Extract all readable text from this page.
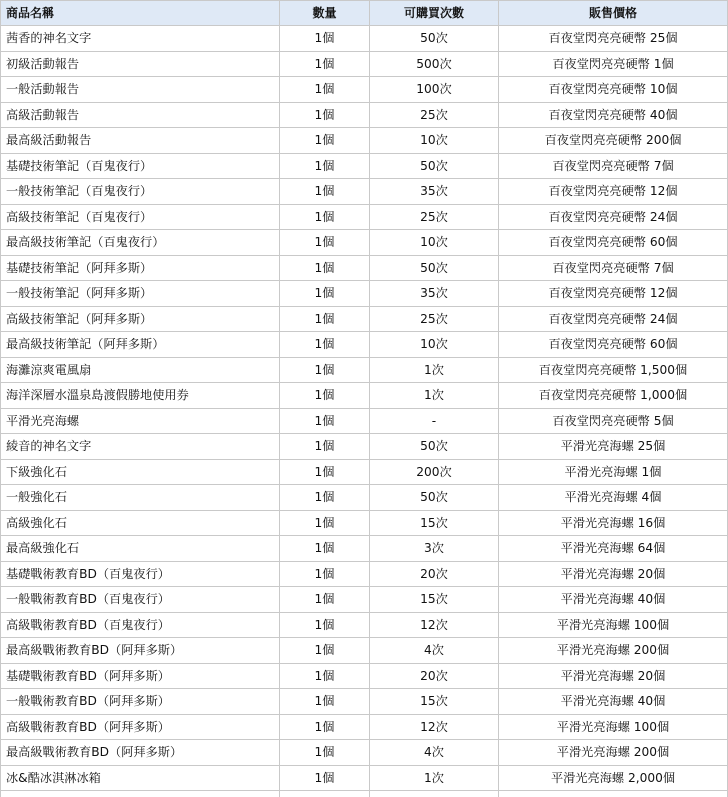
商品名稱	數量	可購買次數	販售價格
茜香的神名文字	1個	50次	百夜堂閃亮亮硬幣 25個
初級活動報告	1個	500次	百夜堂閃亮亮硬幣 1個
一般活動報告	1個	100次	百夜堂閃亮亮硬幣 10個
高級活動報告	1個	25次	百夜堂閃亮亮硬幣 40個
最高級活動報告	1個	10次	百夜堂閃亮亮硬幣 200個
基礎技術筆記（百鬼夜行）	1個	50次	百夜堂閃亮亮硬幣 7個
一般技術筆記（百鬼夜行）	1個	35次	百夜堂閃亮亮硬幣 12個
高級技術筆記（百鬼夜行）	1個	25次	百夜堂閃亮亮硬幣 24個
最高級技術筆記（百鬼夜行）	1個	10次	百夜堂閃亮亮硬幣 60個
基礎技術筆記（阿拜多斯）	1個	50次	百夜堂閃亮亮硬幣 7個
一般技術筆記（阿拜多斯）	1個	35次	百夜堂閃亮亮硬幣 12個
高級技術筆記（阿拜多斯）	1個	25次	百夜堂閃亮亮硬幣 24個
最高級技術筆記（阿拜多斯）	1個	10次	百夜堂閃亮亮硬幣 60個
海灘涼爽電風扇	1個	1次	百夜堂閃亮亮硬幣 1,500個
海洋深層水溫泉島渡假勝地使用券	1個	1次	百夜堂閃亮亮硬幣 1,000個
平滑光亮海螺	1個	-	百夜堂閃亮亮硬幣 5個
綾音的神名文字	1個	50次	平滑光亮海螺 25個
下級強化石	1個	200次	平滑光亮海螺 1個
一般強化石	1個	50次	平滑光亮海螺 4個
高級強化石	1個	15次	平滑光亮海螺 16個
最高級強化石	1個	3次	平滑光亮海螺 64個
基礎戰術教育BD（百鬼夜行）	1個	20次	平滑光亮海螺 20個
一般戰術教育BD（百鬼夜行）	1個	15次	平滑光亮海螺 40個
高級戰術教育BD（百鬼夜行）	1個	12次	平滑光亮海螺 100個
最高級戰術教育BD（阿拜多斯）	1個	4次	平滑光亮海螺 200個
基礎戰術教育BD（阿拜多斯）	1個	20次	平滑光亮海螺 20個
一般戰術教育BD（阿拜多斯）	1個	15次	平滑光亮海螺 40個
高級戰術教育BD（阿拜多斯）	1個	12次	平滑光亮海螺 100個
最高級戰術教育BD（阿拜多斯）	1個	4次	平滑光亮海螺 200個
冰&酷冰淇淋冰箱	1個	1次	平滑光亮海螺 2,000個
